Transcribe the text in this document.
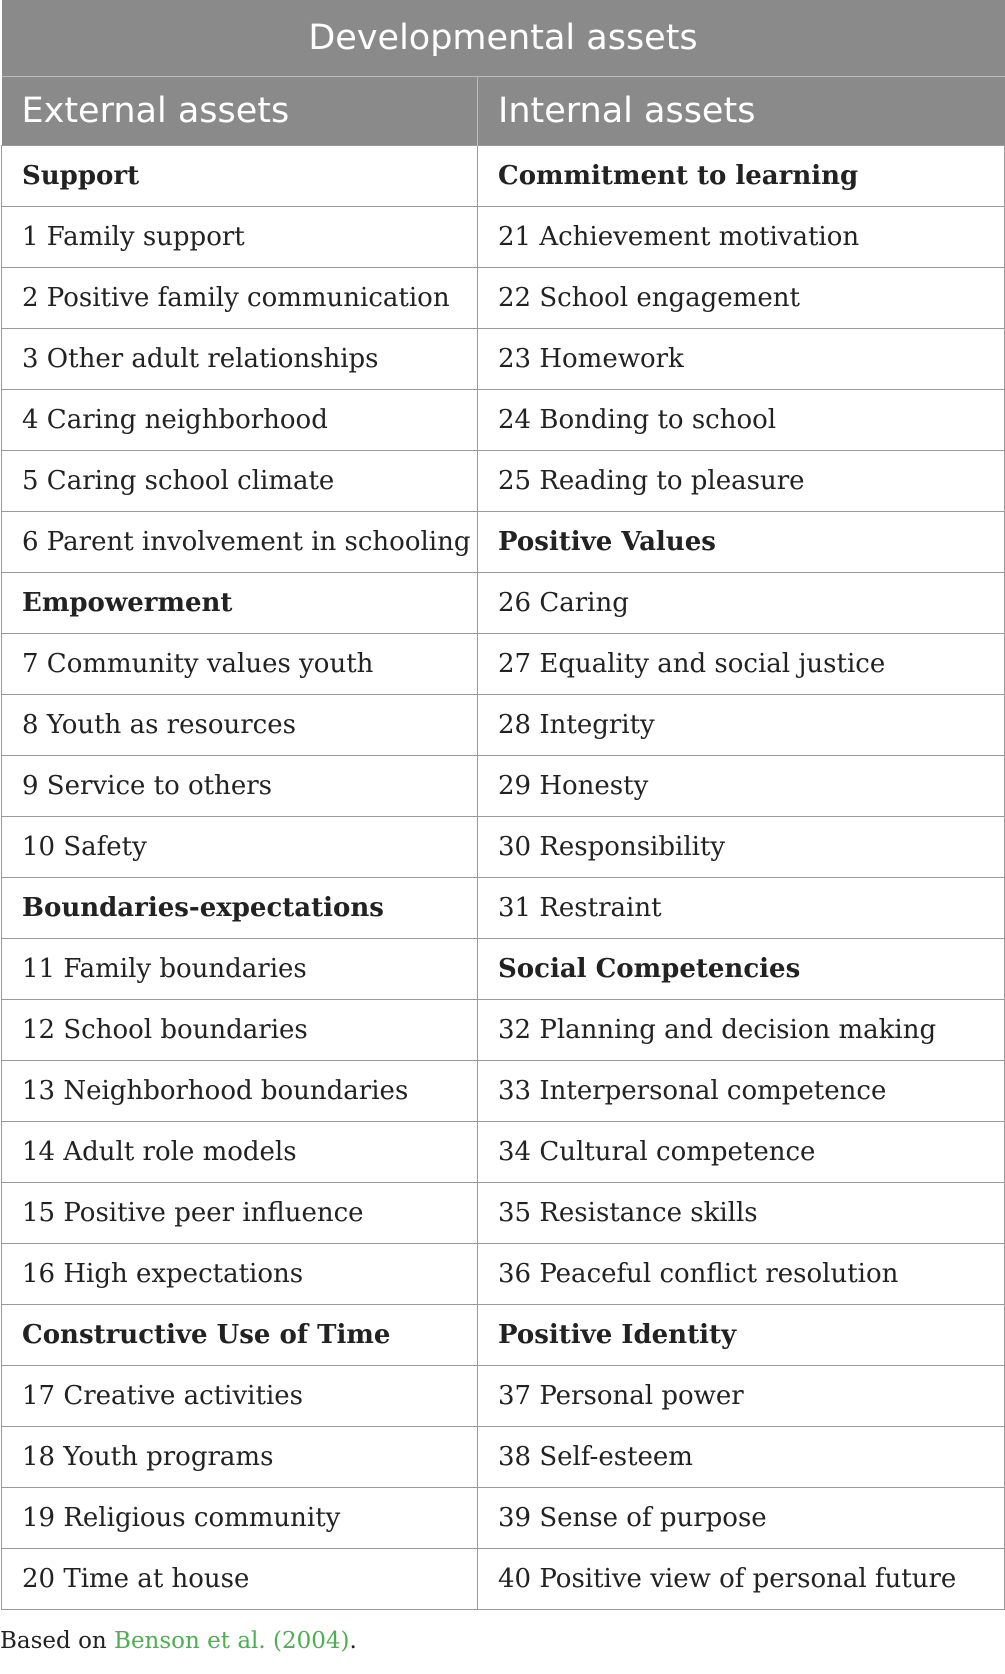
Developmental assets	
External assets	Internal assets
Support	Commitment to learning
1 Family support	21 Achievement motivation
2 Positive family communication	22 School engagement
3 Other adult relationships	23 Homework
4 Caring neighborhood	24 Bonding to school
5 Caring school climate	25 Reading to pleasure
6 Parent involvement in schooling	Positive Values
Empowerment	26 Caring
7 Community values youth	27 Equality and social justice
8 Youth as resources	28 Integrity
9 Service to others	29 Honesty
10 Safety	30 Responsibility
Boundaries-expectations	31 Restraint
11 Family boundaries	Social Competencies
12 School boundaries	32 Planning and decision making
13 Neighborhood boundaries	33 Interpersonal competence
14 Adult role models	34 Cultural competence
15 Positive peer influence	35 Resistance skills
16 High expectations	36 Peaceful conflict resolution
Constructive Use of Time	Positive Identity
17 Creative activities	37 Personal power
18 Youth programs	38 Self-esteem
19 Religious community	39 Sense of purpose
20 Time at house	40 Positive view of personal future
Based on Benson et al. (2004).
